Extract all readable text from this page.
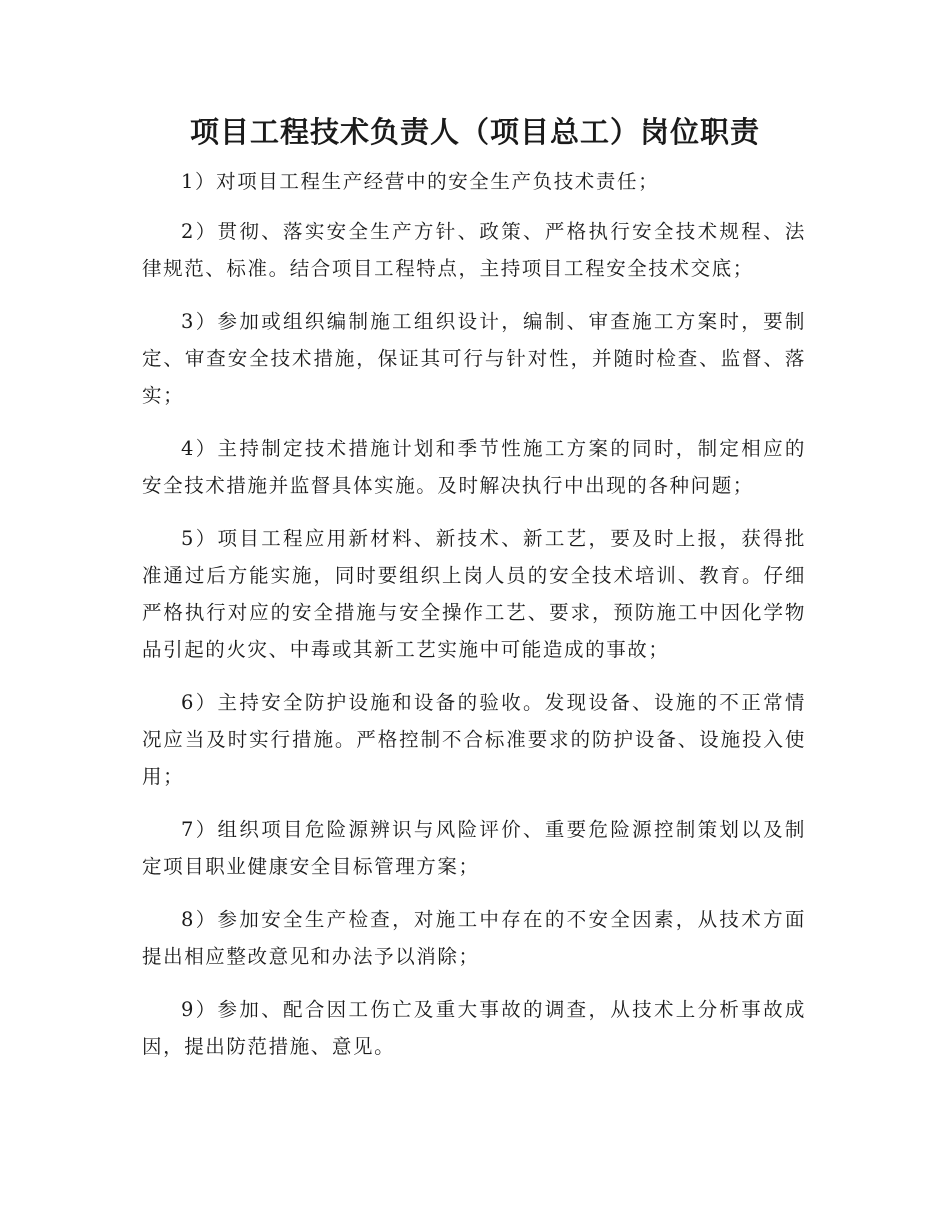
项目工程技术负责人（项目总工）岗位职责

1）对项目工程生产经营中的安全生产负技术责任；

2）贯彻、落实安全生产方针、政策、严格执行安全技术规程、法律规范、标准。结合项目工程特点，主持项目工程安全技术交底；

3）参加或组织编制施工组织设计，编制、审查施工方案时，要制定、审查安全技术措施，保证其可行与针对性，并随时检查、监督、落实；

4）主持制定技术措施计划和季节性施工方案的同时，制定相应的安全技术措施并监督具体实施。及时解决执行中出现的各种问题；

5）项目工程应用新材料、新技术、新工艺，要及时上报，获得批准通过后方能实施，同时要组织上岗人员的安全技术培训、教育。仔细严格执行对应的安全措施与安全操作工艺、要求，预防施工中因化学物品引起的火灾、中毒或其新工艺实施中可能造成的事故；

6）主持安全防护设施和设备的验收。发现设备、设施的不正常情况应当及时实行措施。严格控制不合标准要求的防护设备、设施投入使用；

7）组织项目危险源辨识与风险评价、重要危险源控制策划以及制定项目职业健康安全目标管理方案；

8）参加安全生产检查，对施工中存在的不安全因素，从技术方面提出相应整改意见和办法予以消除；

9）参加、配合因工伤亡及重大事故的调查，从技术上分析事故成因，提出防范措施、意见。
